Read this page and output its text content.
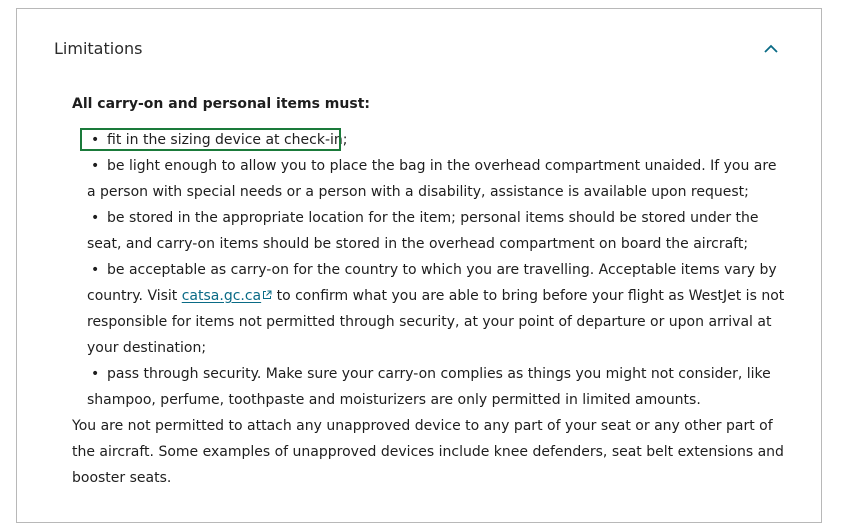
Limitations

All carry-on and personal items must:

• fit in the sizing device at check-in;
• be light enough to allow you to place the bag in the overhead compartment unaided. If you are a person with special needs or a person with a disability, assistance is available upon request;
• be stored in the appropriate location for the item; personal items should be stored under the seat, and carry-on items should be stored in the overhead compartment on board the aircraft;
• be acceptable as carry-on for the country to which you are travelling. Acceptable items vary by country. Visit catsa.gc.ca to confirm what you are able to bring before your flight as WestJet is not responsible for items not permitted through security, at your point of departure or upon arrival at your destination;
• pass through security. Make sure your carry-on complies as things you might not consider, like shampoo, perfume, toothpaste and moisturizers are only permitted in limited amounts.

You are not permitted to attach any unapproved device to any part of your seat or any other part of the aircraft. Some examples of unapproved devices include knee defenders, seat belt extensions and booster seats.
